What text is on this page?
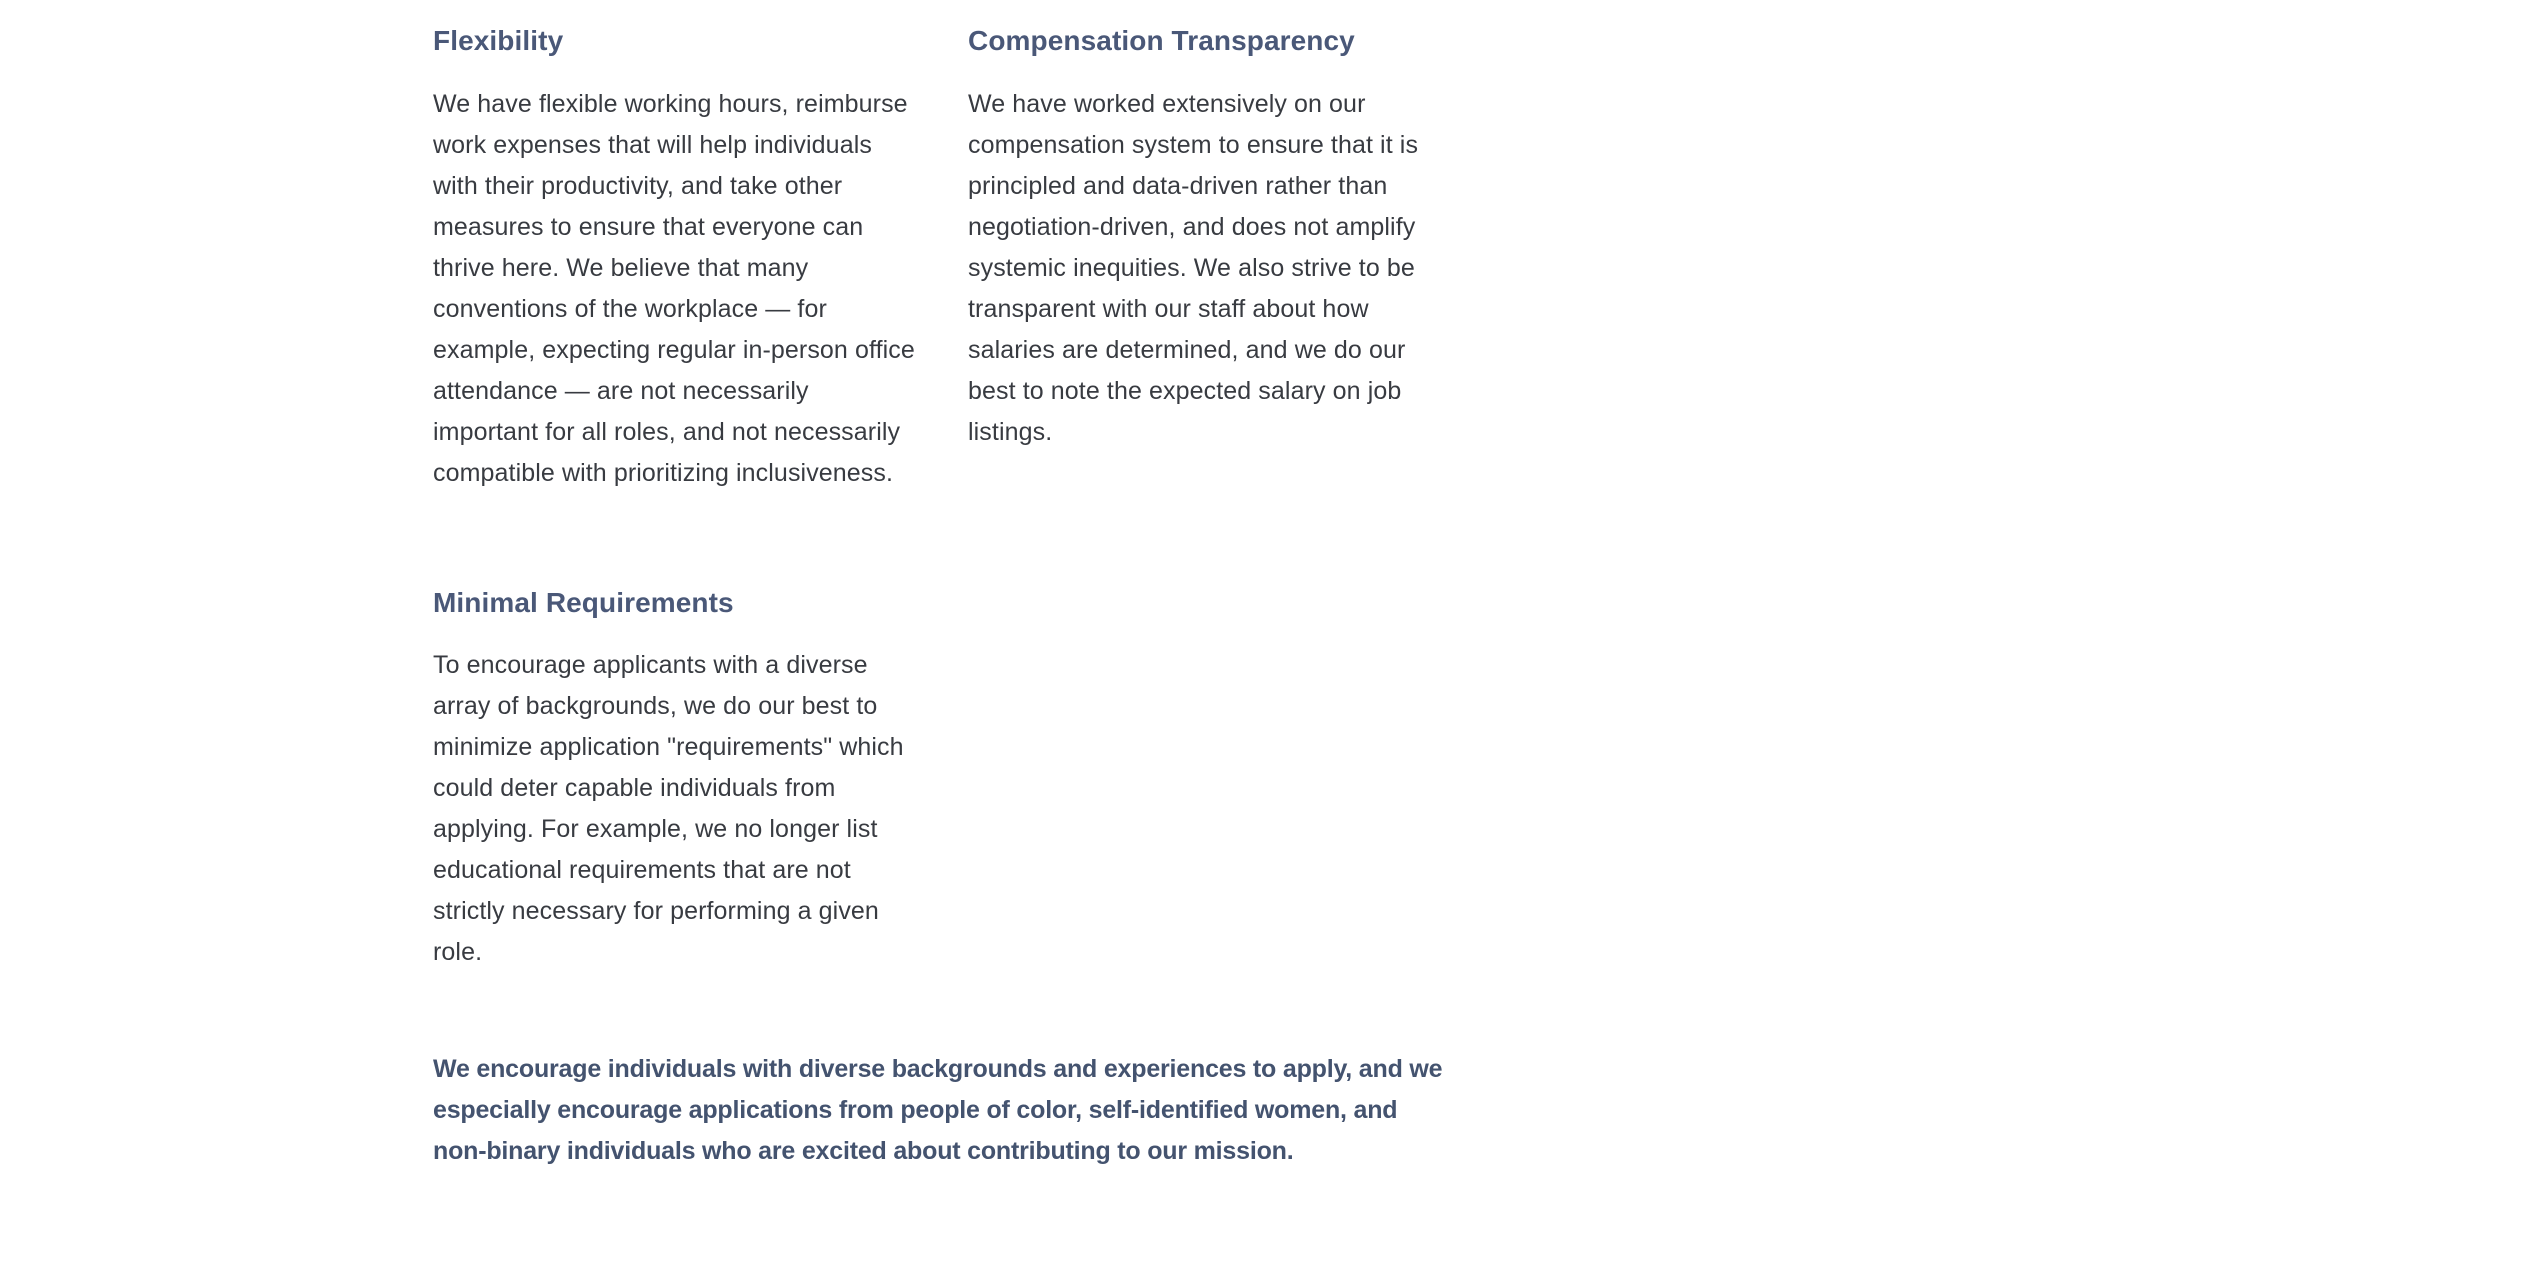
Flexibility

We have flexible working hours, reimburse work expenses that will help individuals with their productivity, and take other measures to ensure that everyone can thrive here. We believe that many conventions of the workplace — for example, expecting regular in-person office attendance — are not necessarily important for all roles, and not necessarily compatible with prioritizing inclusiveness.

Compensation Transparency

We have worked extensively on our compensation system to ensure that it is principled and data-driven rather than negotiation-driven, and does not amplify systemic inequities. We also strive to be transparent with our staff about how salaries are determined, and we do our best to note the expected salary on job listings.

Minimal Requirements

To encourage applicants with a diverse array of backgrounds, we do our best to minimize application "requirements" which could deter capable individuals from applying. For example, we no longer list educational requirements that are not strictly necessary for performing a given role.

We encourage individuals with diverse backgrounds and experiences to apply, and we especially encourage applications from people of color, self-identified women, and non-binary individuals who are excited about contributing to our mission.
